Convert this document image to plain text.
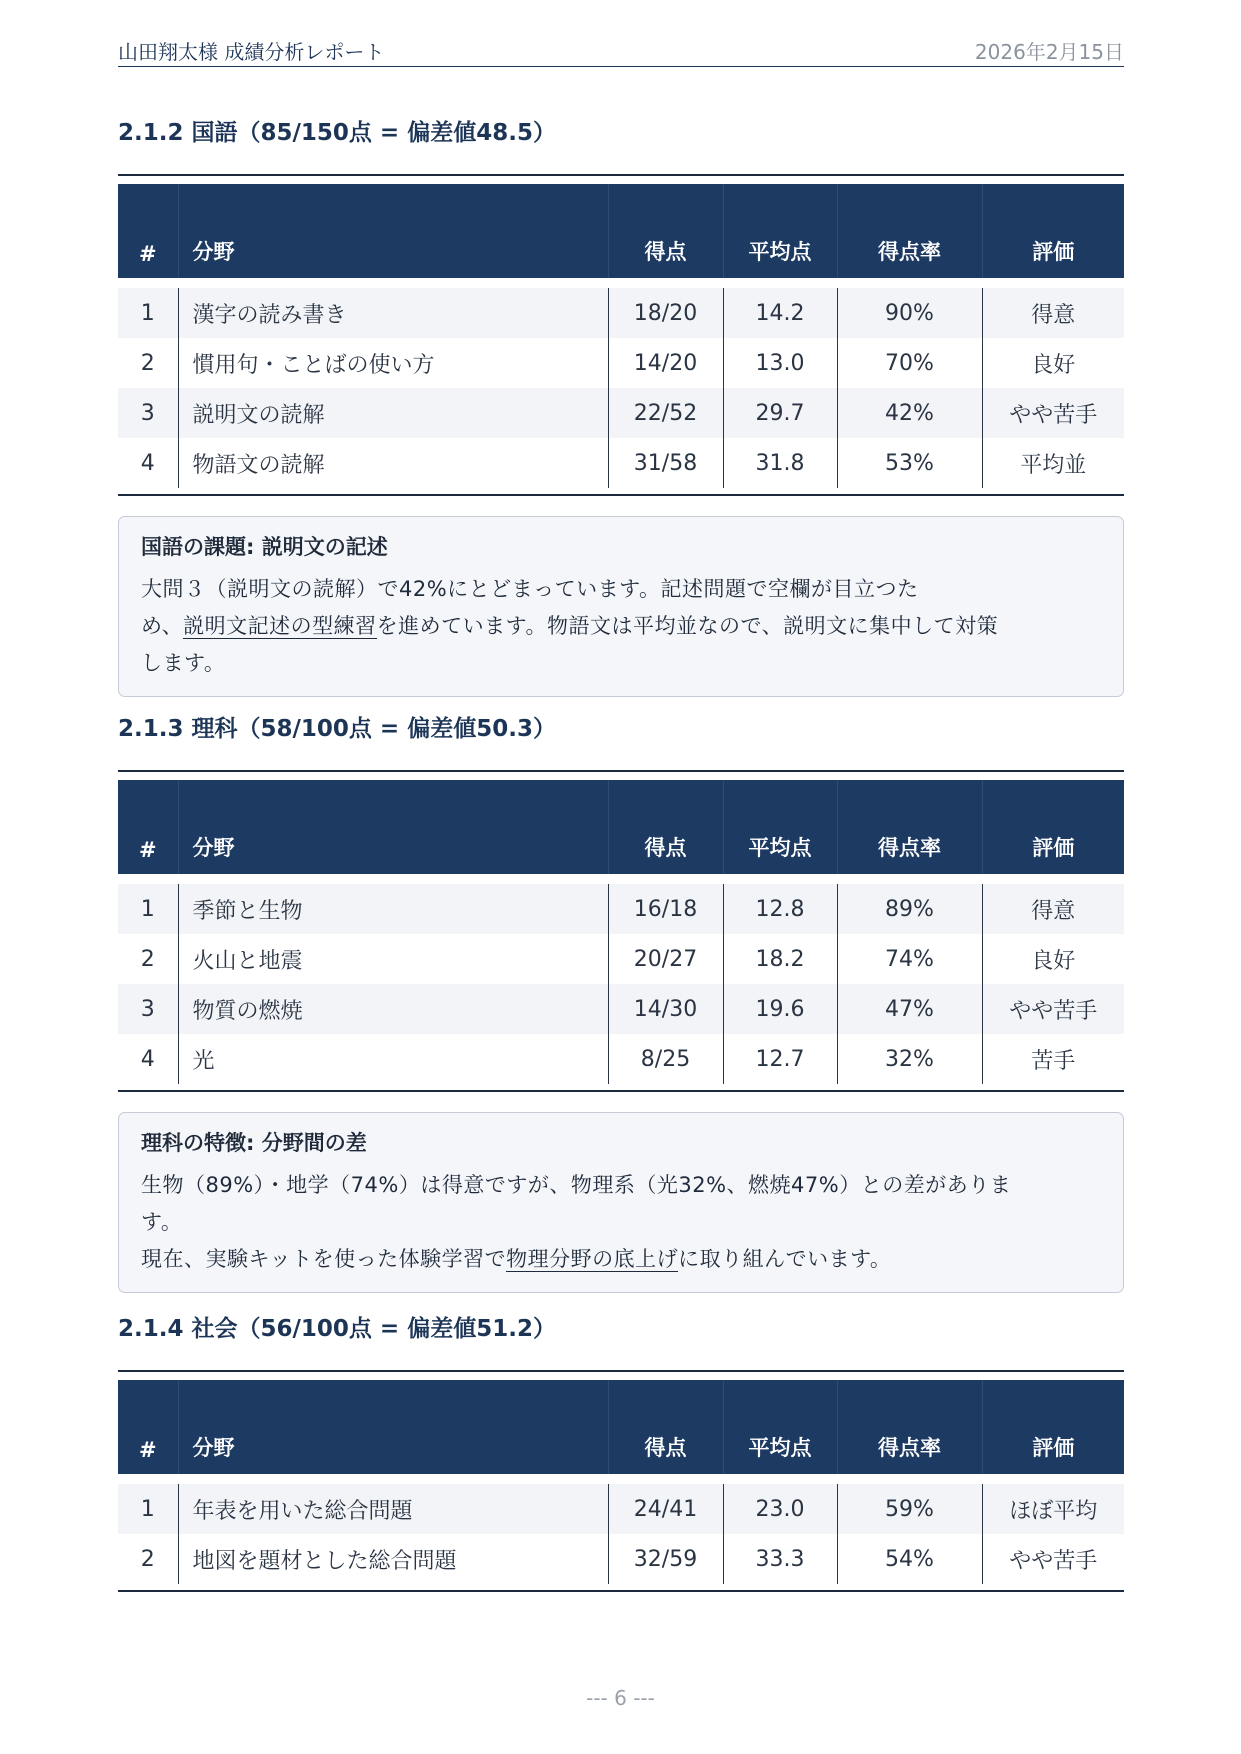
山田翔太様 成績分析レポート	2026年2月15日
2.1.2 国語（85/150点 = 偏差値48.5）
#	分野	得点	平均点	得点率	評価
1	漢字の読み書き	18/20	14.2	90%	得意
2	慣用句・ことばの使い方	14/20	13.0	70%	良好
3	説明文の読解	22/52	29.7	42%	やや苦手
4	物語文の読解	31/58	31.8	53%	平均並
国語の課題: 説明文の記述
大問３（説明文の読解）で42%にとどまっています。記述問題で空欄が目立つた
め、説明文記述の型練習を進めています。物語文は平均並なので、説明文に集中して対策
します。
2.1.3 理科（58/100点 = 偏差値50.3）
#	分野	得点	平均点	得点率	評価
1	季節と生物	16/18	12.8	89%	得意
2	火山と地震	20/27	18.2	74%	良好
3	物質の燃焼	14/30	19.6	47%	やや苦手
4	光	8/25	12.7	32%	苦手
理科の特徴: 分野間の差
生物（89%）・地学（74%）は得意ですが、物理系（光32%、燃焼47%）との差がありま
す。
現在、実験キットを使った体験学習で物理分野の底上げに取り組んでいます。
2.1.4 社会（56/100点 = 偏差値51.2）
#	分野	得点	平均点	得点率	評価
1	年表を用いた総合問題	24/41	23.0	59%	ほぼ平均
2	地図を題材とした総合問題	32/59	33.3	54%	やや苦手
--- 6 ---
